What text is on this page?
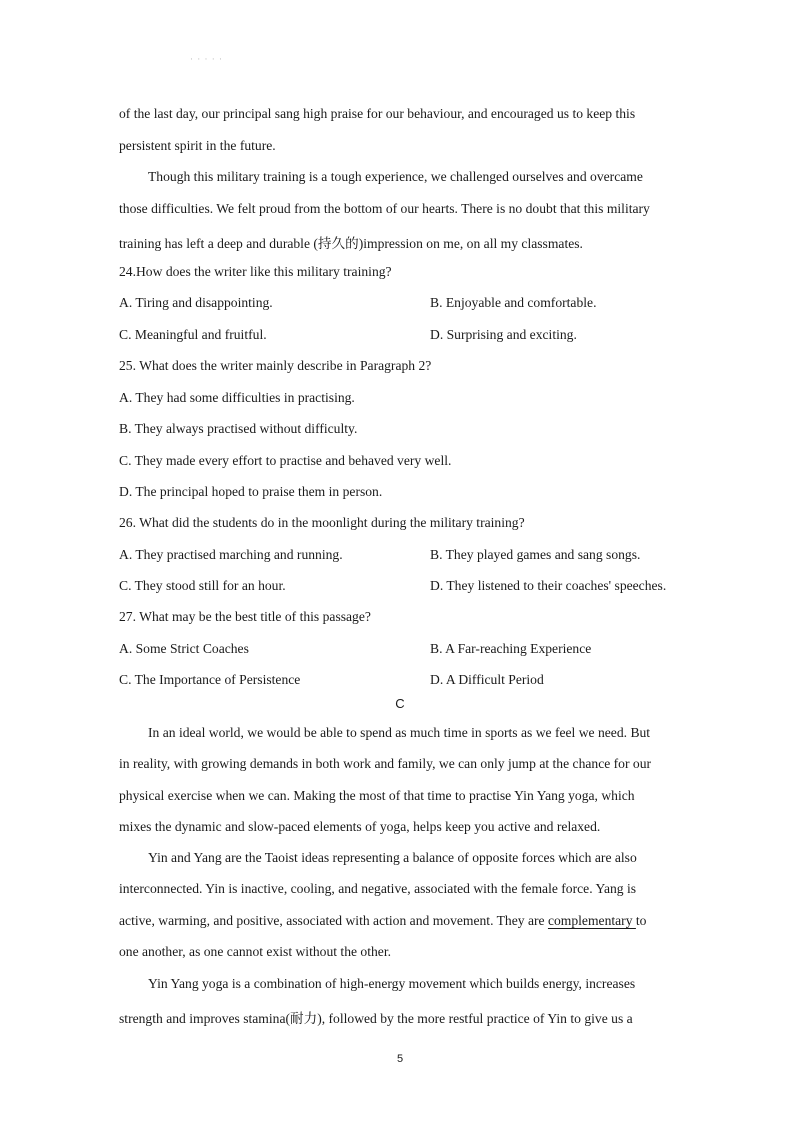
· · · · ·
of the last day, our principal sang high praise for our behaviour, and encouraged us to keep this
persistent spirit in the future.
Though this military training is a tough experience, we challenged ourselves and overcame
those difficulties. We felt proud from the bottom of our hearts. There is no doubt that this military
training has left a deep and durable (持久的)impression on me, on all my classmates.
24.How does the writer like this military training?
A. Tiring and disappointing.	B. Enjoyable and comfortable.
C. Meaningful and fruitful.	D. Surprising and exciting.
25. What does the writer mainly describe in Paragraph 2?
A. They had some difficulties in practising.
B. They always practised without difficulty.
C. They made every effort to practise and behaved very well.
D. The principal hoped to praise them in person.
26. What did the students do in the moonlight during the military training?
A. They practised marching and running.	B. They played games and sang songs.
C. They stood still for an hour.	D. They listened to their coaches' speeches.
27. What may be the best title of this passage?
A. Some Strict Coaches	B. A Far-reaching Experience
C. The Importance of Persistence	D. A Difficult Period
C
In an ideal world, we would be able to spend as much time in sports as we feel we need. But
in reality, with growing demands in both work and family, we can only jump at the chance for our
physical exercise when we can. Making the most of that time to practise Yin Yang yoga, which
mixes the dynamic and slow-paced elements of yoga, helps keep you active and relaxed.
Yin and Yang are the Taoist ideas representing a balance of opposite forces which are also
interconnected. Yin is inactive, cooling, and negative, associated with the female force. Yang is
active, warming, and positive, associated with action and movement. They are complementary to
one another, as one cannot exist without the other.
Yin Yang yoga is a combination of high-energy movement which builds energy, increases
strength and improves stamina(耐力), followed by the more restful practice of Yin to give us a
5
